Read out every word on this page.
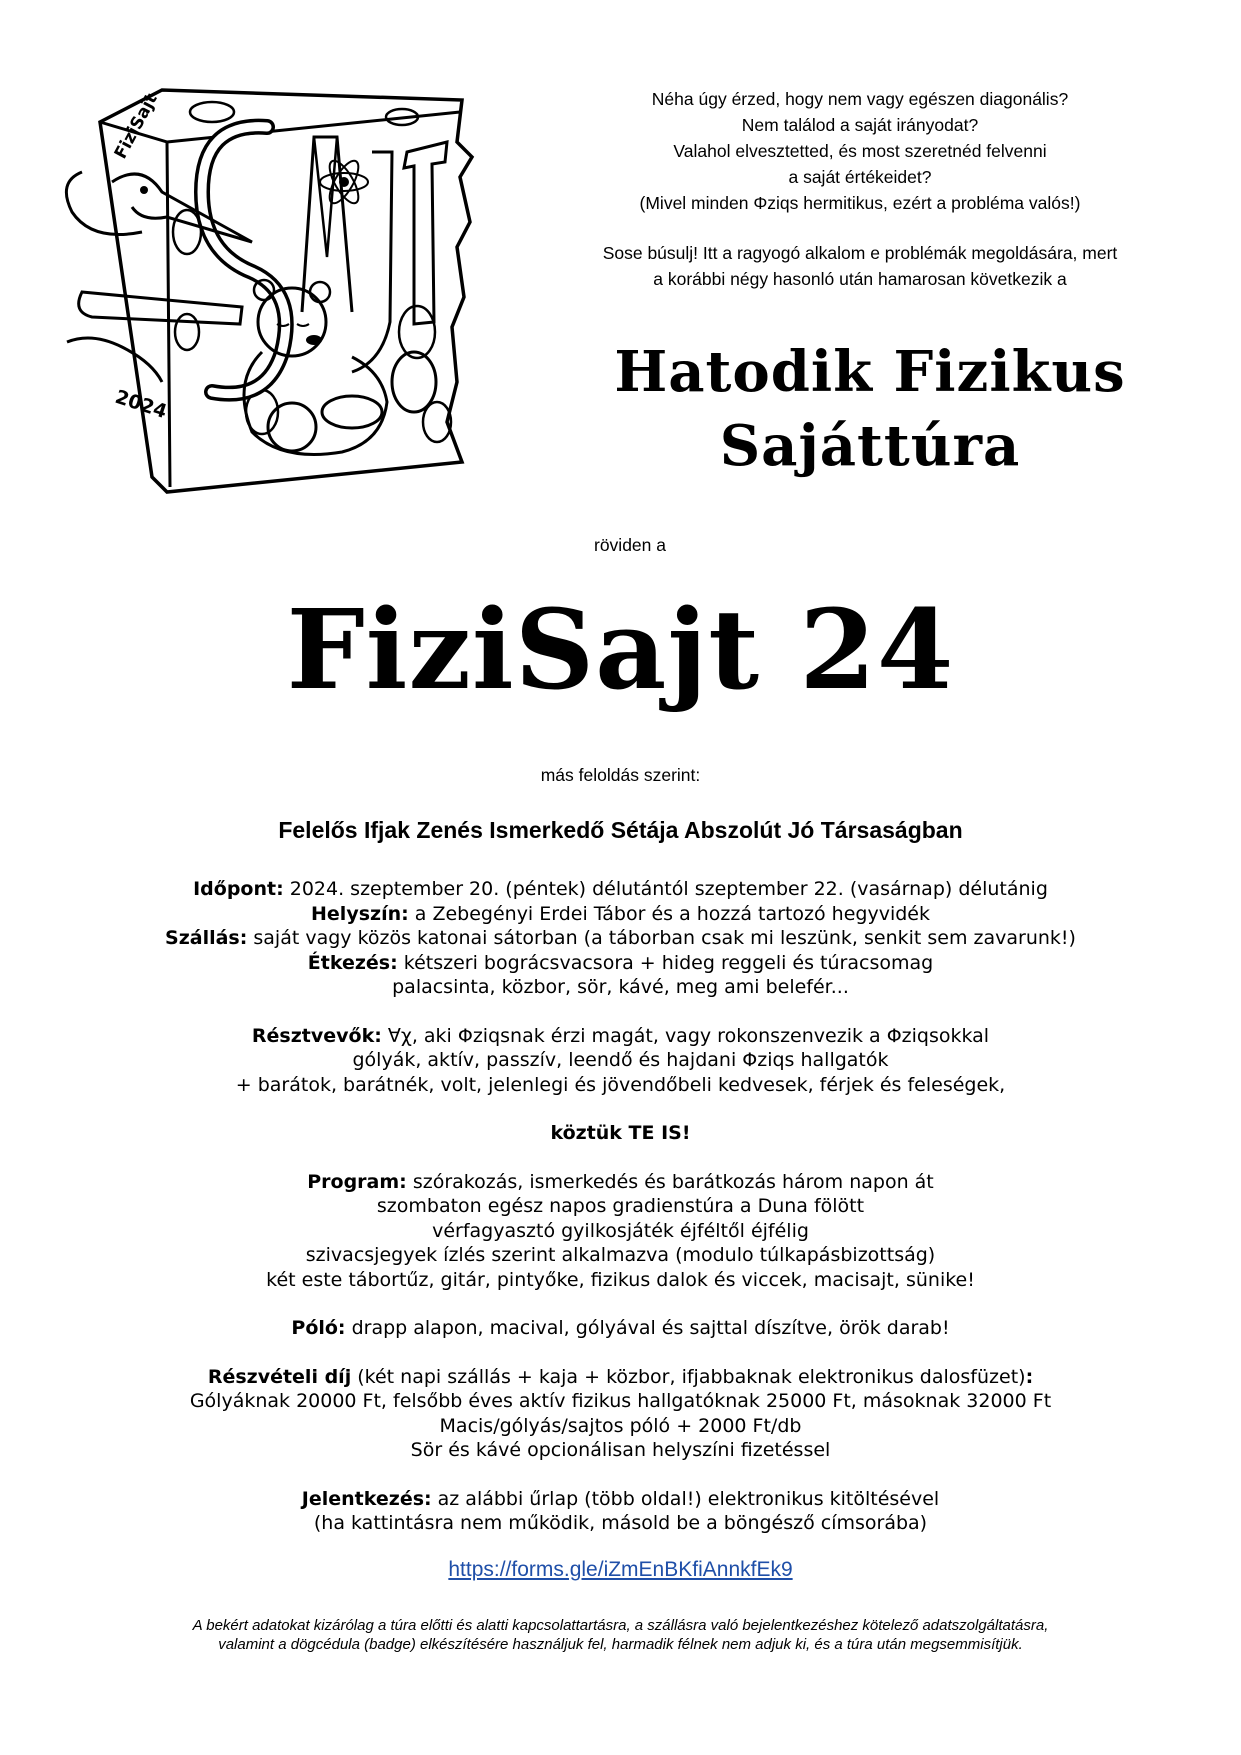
FiziSajt
2024

Néha úgy érzed, hogy nem vagy egészen diagonális?

Nem találod a saját irányodat?

Valahol elvesztetted, és most szeretnéd felvenni

a saját értékeidet?

(Mivel minden Φziqs hermitikus, ezért a probléma valós!)

Sose búsulj! Itt a ragyogó alkalom e problémák megoldására, mert

a korábbi négy hasonló után hamarosan következik a

Hatodik Fizikus
Sajáttúra
röviden a
FiziSajt 24
más feloldás szerint:
Felelős Ifjak Zenés Ismerkedő Sétája Abszolút Jó Társaságban

Időpont: 2024. szeptember 20. (péntek) délutántól szeptember 22. (vasárnap) délutánig

Helyszín: a Zebegényi Erdei Tábor és a hozzá tartozó hegyvidék

Szállás: saját vagy közös katonai sátorban (a táborban csak mi leszünk, senkit sem zavarunk!)

Étkezés: kétszeri bográcsvacsora + hideg reggeli és túracsomag

palacsinta, közbor, sör, kávé, meg ami belefér...

Résztvevők: ∀χ, aki Φziqsnak érzi magát, vagy rokonszenvezik a Φziqsokkal

gólyák, aktív, passzív, leendő és hajdani Φziqs hallgatók

+ barátok, barátnék, volt, jelenlegi és jövendőbeli kedvesek, férjek és feleségek,

köztük TE IS!

Program: szórakozás, ismerkedés és barátkozás három napon át

szombaton egész napos gradienstúra a Duna fölött

vérfagyasztó gyilkosjáték éjféltől éjfélig

szivacsjegyek ízlés szerint alkalmazva (modulo túlkapásbizottság)

két este tábortűz, gitár, pintyőke, fizikus dalok és viccek, macisajt, sünike!

Póló: drapp alapon, macival, gólyával és sajttal díszítve, örök darab!

Részvételi díj (két napi szállás + kaja + közbor, ifjabbaknak elektronikus dalosfüzet):

Gólyáknak 20000 Ft, felsőbb éves aktív fizikus hallgatóknak 25000 Ft, másoknak 32000 Ft

Macis/gólyás/sajtos póló + 2000 Ft/db

Sör és kávé opcionálisan helyszíni fizetéssel

Jelentkezés: az alábbi űrlap (több oldal!) elektronikus kitöltésével

(ha kattintásra nem működik, másold be a böngésző címsorába)

https://forms.gle/iZmEnBKfiAnnkfEk9

A bekért adatokat kizárólag a túra előtti és alatti kapcsolattartásra, a szállásra való bejelentkezéshez kötelező adatszolgáltatásra,
valamint a dögcédula (badge) elkészítésére használjuk fel, harmadik félnek nem adjuk ki, és a túra után megsemmisítjük.
